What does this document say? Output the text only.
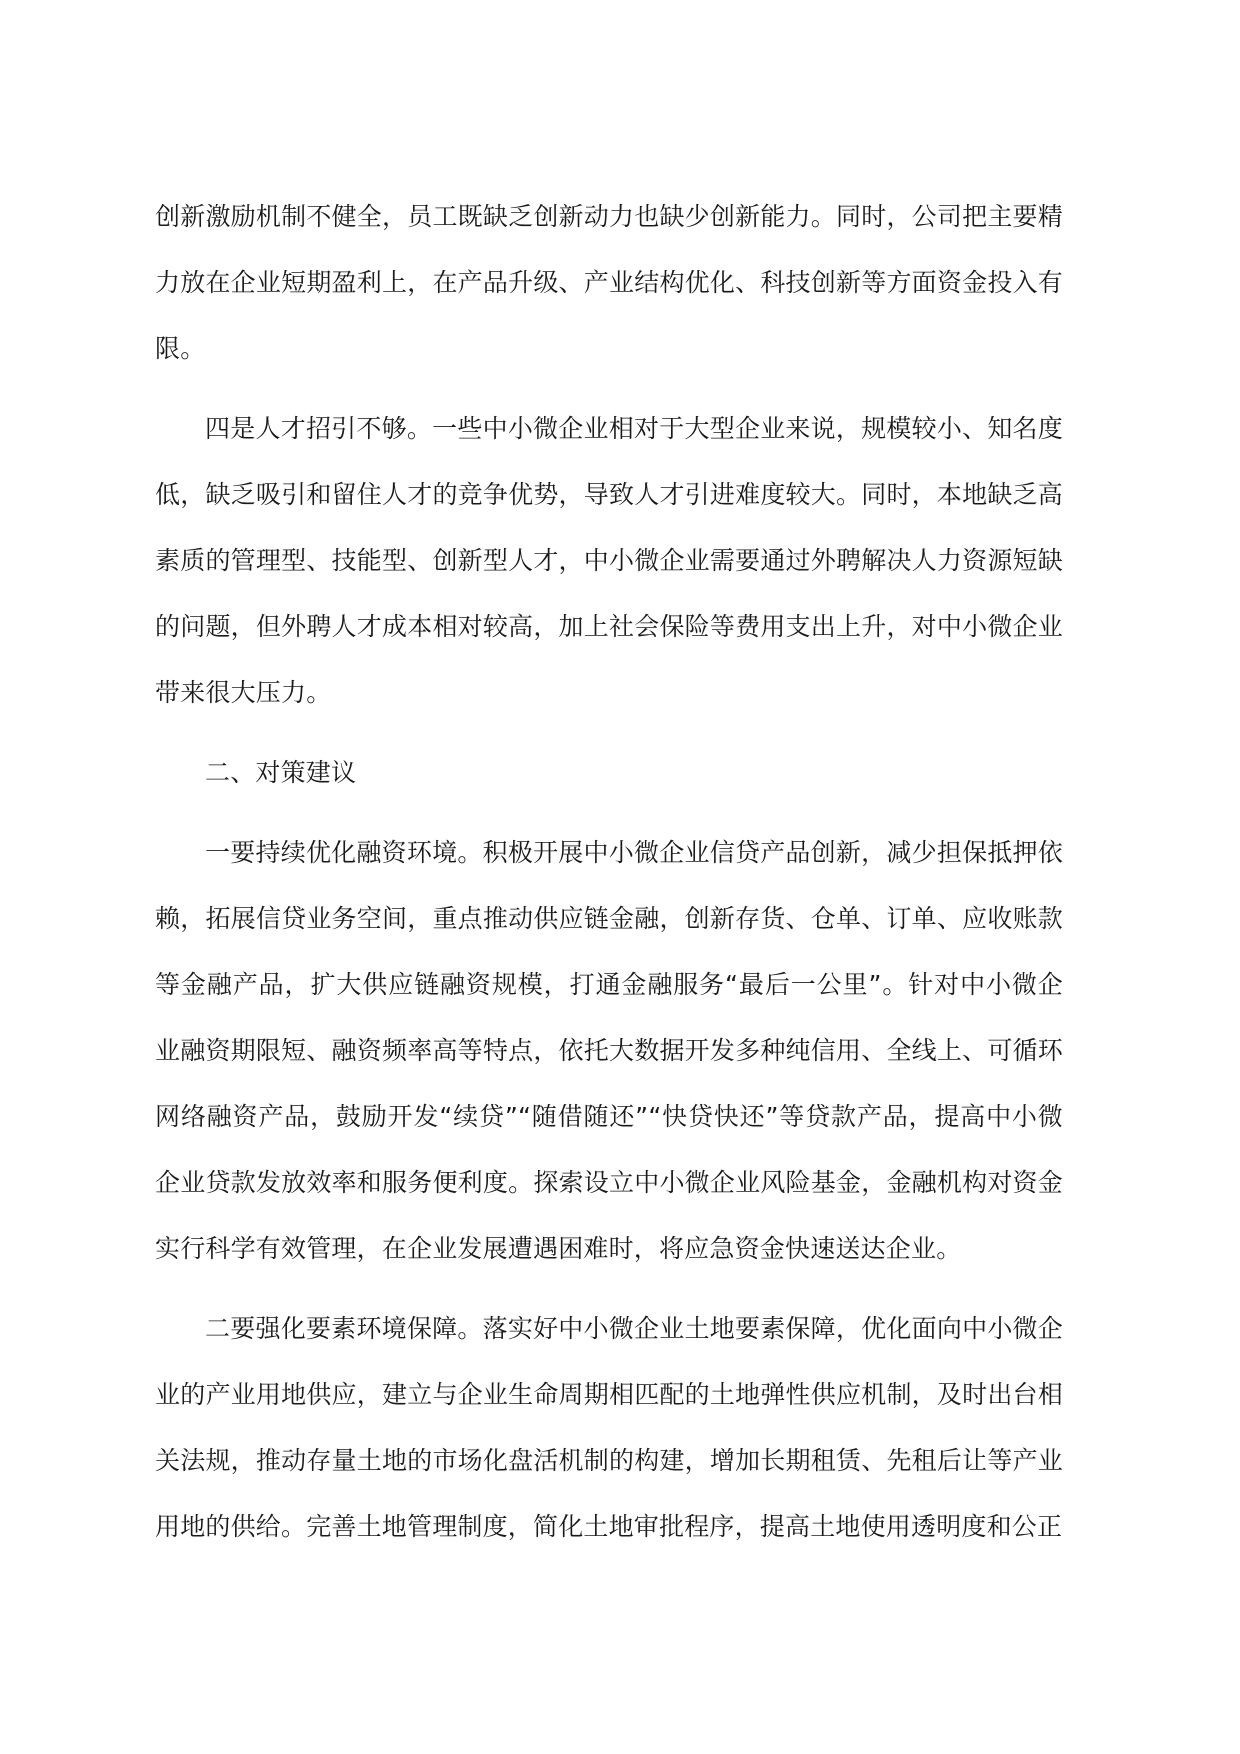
创新激励机制不健全，员工既缺乏创新动力也缺少创新能力。同时，公司把主要精力放在企业短期盈利上，在产品升级、产业结构优化、科技创新等方面资金投入有限。

四是人才招引不够。一些中小微企业相对于大型企业来说，规模较小、知名度低，缺乏吸引和留住人才的竞争优势，导致人才引进难度较大。同时，本地缺乏高素质的管理型、技能型、创新型人才，中小微企业需要通过外聘解决人力资源短缺的问题，但外聘人才成本相对较高，加上社会保险等费用支出上升，对中小微企业带来很大压力。

二、对策建议

一要持续优化融资环境。积极开展中小微企业信贷产品创新，减少担保抵押依赖，拓展信贷业务空间，重点推动供应链金融，创新存货、仓单、订单、应收账款等金融产品，扩大供应链融资规模，打通金融服务“最后一公里”。针对中小微企业融资期限短、融资频率高等特点，依托大数据开发多种纯信用、全线上、可循环网络融资产品，鼓励开发“续贷”“随借随还”“快贷快还”等贷款产品，提高中小微企业贷款发放效率和服务便利度。探索设立中小微企业风险基金，金融机构对资金实行科学有效管理，在企业发展遭遇困难时，将应急资金快速送达企业。

二要强化要素环境保障。落实好中小微企业土地要素保障，优化面向中小微企业的产业用地供应，建立与企业生命周期相匹配的土地弹性供应机制，及时出台相关法规，推动存量土地的市场化盘活机制的构建，增加长期租赁、先租后让等产业用地的供给。完善土地管理制度，简化土地审批程序，提高土地使用透明度和公正
